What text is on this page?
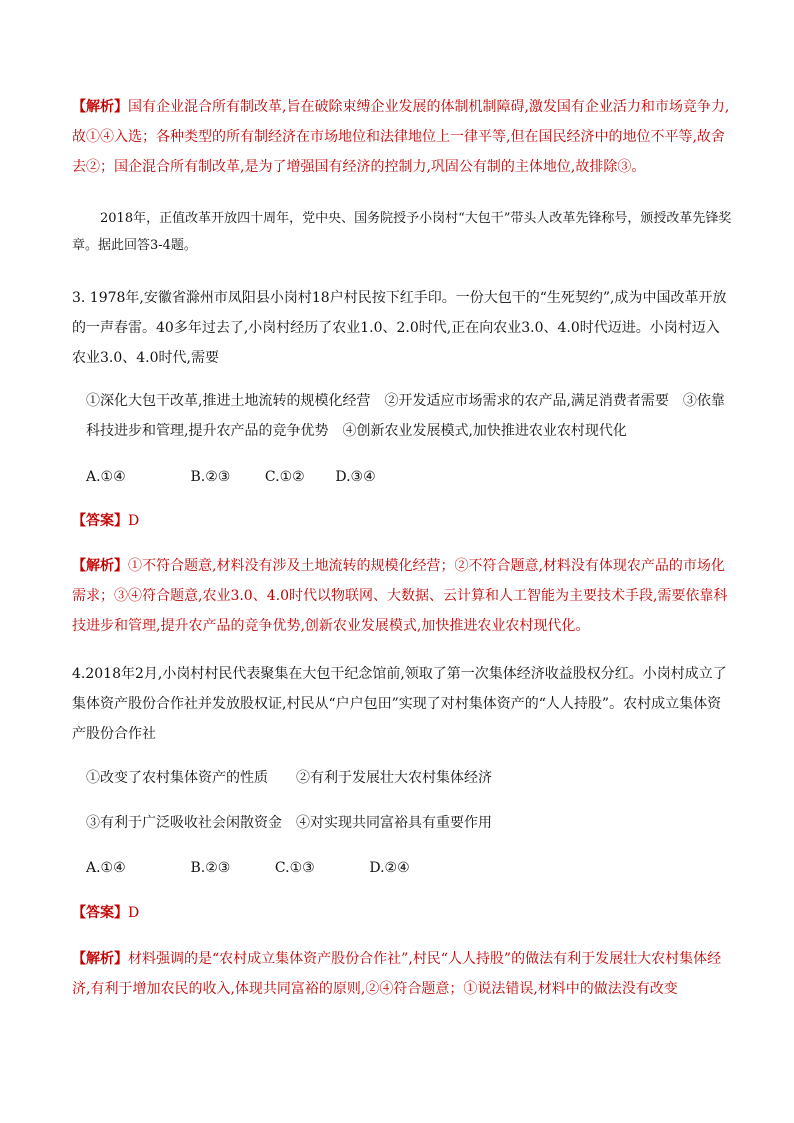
【解析】国有企业混合所有制改革,旨在破除束缚企业发展的体制机制障碍,激发国有企业活力和市场竞争力,故①④入选；各种类型的所有制经济在市场地位和法律地位上一律平等,但在国民经济中的地位不平等,故舍去②；国企混合所有制改革,是为了增强国有经济的控制力,巩固公有制的主体地位,故排除③。
2018年，正值改革开放四十周年，党中央、国务院授予小岗村“大包干”带头人改革先锋称号，颁授改革先锋奖章。据此回答3-4题。
3. 1978年,安徽省滁州市凤阳县小岗村18户村民按下红手印。一份大包干的“生死契约”,成为中国改革开放的一声春雷。40多年过去了,小岗村经历了农业1.0、2.0时代,正在向农业3.0、4.0时代迈进。小岗村迈入农业3.0、4.0时代,需要
①深化大包干改革,推进土地流转的规模化经营　②开发适应市场需求的农产品,满足消费者需要　③依靠科技进步和管理,提升农产品的竞争优势　④创新农业发展模式,加快推进农业农村现代化
A.①④	B.②③ C.①② D.③④
【答案】D
【解析】①不符合题意,材料没有涉及土地流转的规模化经营；②不符合题意,材料没有体现农产品的市场化需求；③④符合题意,农业3.0、4.0时代以物联网、大数据、云计算和人工智能为主要技术手段,需要依靠科技进步和管理,提升农产品的竞争优势,创新农业发展模式,加快推进农业农村现代化。
4.2018年2月,小岗村村民代表聚集在大包干纪念馆前,领取了第一次集体经济收益股权分红。小岗村成立了集体资产股份合作社并发放股权证,村民从“户户包田”实现了对村集体资产的“人人持股”。农村成立集体资产股份合作社
①改变了农村集体资产的性质　　②有利于发展壮大农村集体经济
③有利于广泛吸收社会闲散资金　④对实现共同富裕具有重要作用
A.①④	B.②③	C.①③	D.②④
【答案】D
【解析】材料强调的是“农村成立集体资产股份合作社”,村民“人人持股”的做法有利于发展壮大农村集体经济,有利于增加农民的收入,体现共同富裕的原则,②④符合题意；①说法错误,材料中的做法没有改变
